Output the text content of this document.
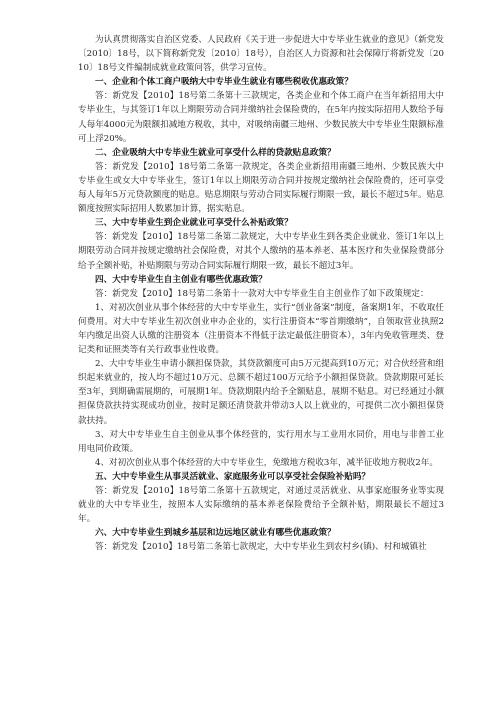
为认真贯彻落实自治区党委、人民政府《关于进一步促进大中专毕业生就业的意见》（新党发〔2010〕18号，以下简称新党发〔2010〕18号），自治区人力资源和社会保障厅将新党发〔2010〕18号文件编制成就业政策问答，供学习宣传。

一、企业和个体工商户吸纳大中专毕业生就业有哪些税收优惠政策？

答：新党发【2010】18号第二条第十三款规定，各类企业和个体工商户在当年新招用大中专毕业生，与其签订1年以上期限劳动合同并缴纳社会保险费的，在5年内按实际招用人数给予每人每年4000元为限额扣减地方税收，其中，对吸纳南疆三地州、少数民族大中专毕业生限额标准可上浮20%。

二、企业吸纳大中专毕业生就业可享受什么样的贷款贴息政策？

答：新党发【2010】18号第二条第一款规定，各类企业新招用南疆三地州、少数民族大中专毕业生或女大中专毕业生，签订1年以上期限劳动合同并按规定缴纳社会保险费的，还可享受每人每年5万元贷款额度的贴息。贴息期限与劳动合同实际履行期限一致，最长不超过5年。贴息额度按照实际招用人数累加计算，据实贴息。

三、大中专毕业生到企业就业可享受什么补贴政策？

答：新党发【2010】18号第二条第二款规定，大中专毕业生到各类企业就业、签订1年以上期限劳动合同并按规定缴纳社会保险费，对其个人缴纳的基本养老、基本医疗和失业保险费部分给予全额补贴，补贴期限与劳动合同实际履行期限一致，最长不超过3年。

四、大中专毕业生自主创业有哪些优惠政策？

答：新党发【2010】18号第二条第十一款对大中专毕业生自主创业作了如下政策规定：

1、对初次创业从事个体经营的大中专毕业生，实行“创业备案”制度，备案期1年，不收取任何费用。对大中专毕业生初次创业申办企业的，实行注册资本“零首期缴纳”，自领取营业执照2年内缴足出资人认缴的注册资本（注册资本不得低于法定最低注册资本），3年内免收管理类、登记类和证照类等有关行政事业性收费。

2、大中专毕业生申请小额担保贷款，其贷款额度可由5万元提高到10万元；对合伙经营和组织起来就业的，按人均不超过10万元、总额不超过100万元给予小额担保贷款。贷款期限可延长至3年，到期确需展期的，可展期1年。贷款期限内给予全额贴息，展期不贴息。对已经通过小额担保贷款扶持实现成功创业，按时足额还清贷款并带动3人以上就业的，可提供二次小额担保贷款扶持。

3、对大中专毕业生自主创业从事个体经营的，实行用水与工业用水同价，用电与非普工业用电同价政策。

4、对初次创业从事个体经营的大中专毕业生，免缴地方税收3年，减半征收地方税收2年。

五、大中专毕业生从事灵活就业、家庭服务业可以享受社会保险补贴吗？

答：新党发【2010】18号第二条第十五款规定，对通过灵活就业、从事家庭服务业等实现就业的大中专毕业生，按照本人实际缴纳的基本养老保险费给予全额补贴，期限最长不超过3年。

六、大中专毕业生到城乡基层和边远地区就业有哪些优惠政策？

答：新党发【2010】18号第二条第七款规定，大中专毕业生到农村乡(镇)、村和城镇社
